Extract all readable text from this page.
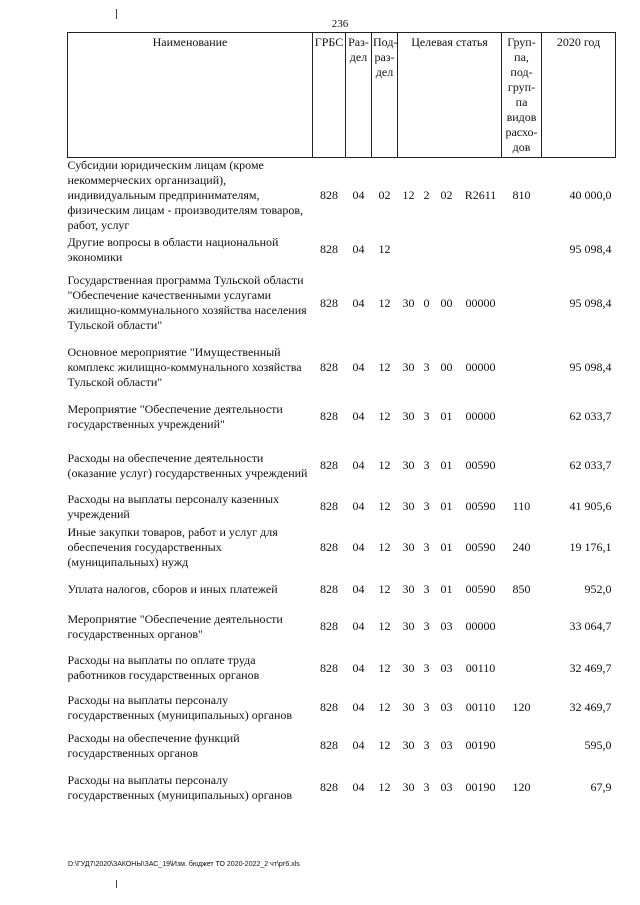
236
Наименование	ГРБС	Раз-дел	Под-раз-дел	Целевая статья				Груп-па, под-груп-па видов расхо-дов	2020 год
Субсидии юридическим лицам (кроме некоммерческих организаций), индивидуальным предпринимателям, физическим лицам - производителям товаров, работ, услуг	828	04	02	12	2	02	R2611	810	40 000,0
Другие вопросы в области национальной экономики	828	04	12						95 098,4
Государственная программа Тульской области "Обеспечение качественными услугами жилищно-коммунального хозяйства населения Тульской области"	828	04	12	30	0	00	00000		95 098,4
Основное мероприятие "Имущественный комплекс жилищно-коммунального хозяйства Тульской области"	828	04	12	30	3	00	00000		95 098,4
Мероприятие "Обеспечение деятельности государственных учреждений"	828	04	12	30	3	01	00000		62 033,7
Расходы на обеспечение деятельности (оказание услуг) государственных учреждений	828	04	12	30	3	01	00590		62 033,7
Расходы на выплаты персоналу казенных учреждений	828	04	12	30	3	01	00590	110	41 905,6
Иные закупки товаров, работ и услуг для обеспечения государственных (муниципальных) нужд	828	04	12	30	3	01	00590	240	19 176,1
Уплата налогов, сборов и иных платежей	828	04	12	30	3	01	00590	850	952,0
Мероприятие "Обеспечение деятельности государственных органов"	828	04	12	30	3	03	00000		33 064,7
Расходы на выплаты по оплате труда работников государственных органов	828	04	12	30	3	03	00110		32 469,7
Расходы на выплаты персоналу государственных (муниципальных) органов	828	04	12	30	3	03	00110	120	32 469,7
Расходы на обеспечение функций государственных органов	828	04	12	30	3	03	00190		595,0
Расходы на выплаты персоналу государственных (муниципальных) органов	828	04	12	30	3	03	00190	120	67,9
D:\ГУД7\2020\ЗАКОНЫ\ЗАС_19\Изм. бюджет ТО 2020-2022_2 чт\рг6.xls
